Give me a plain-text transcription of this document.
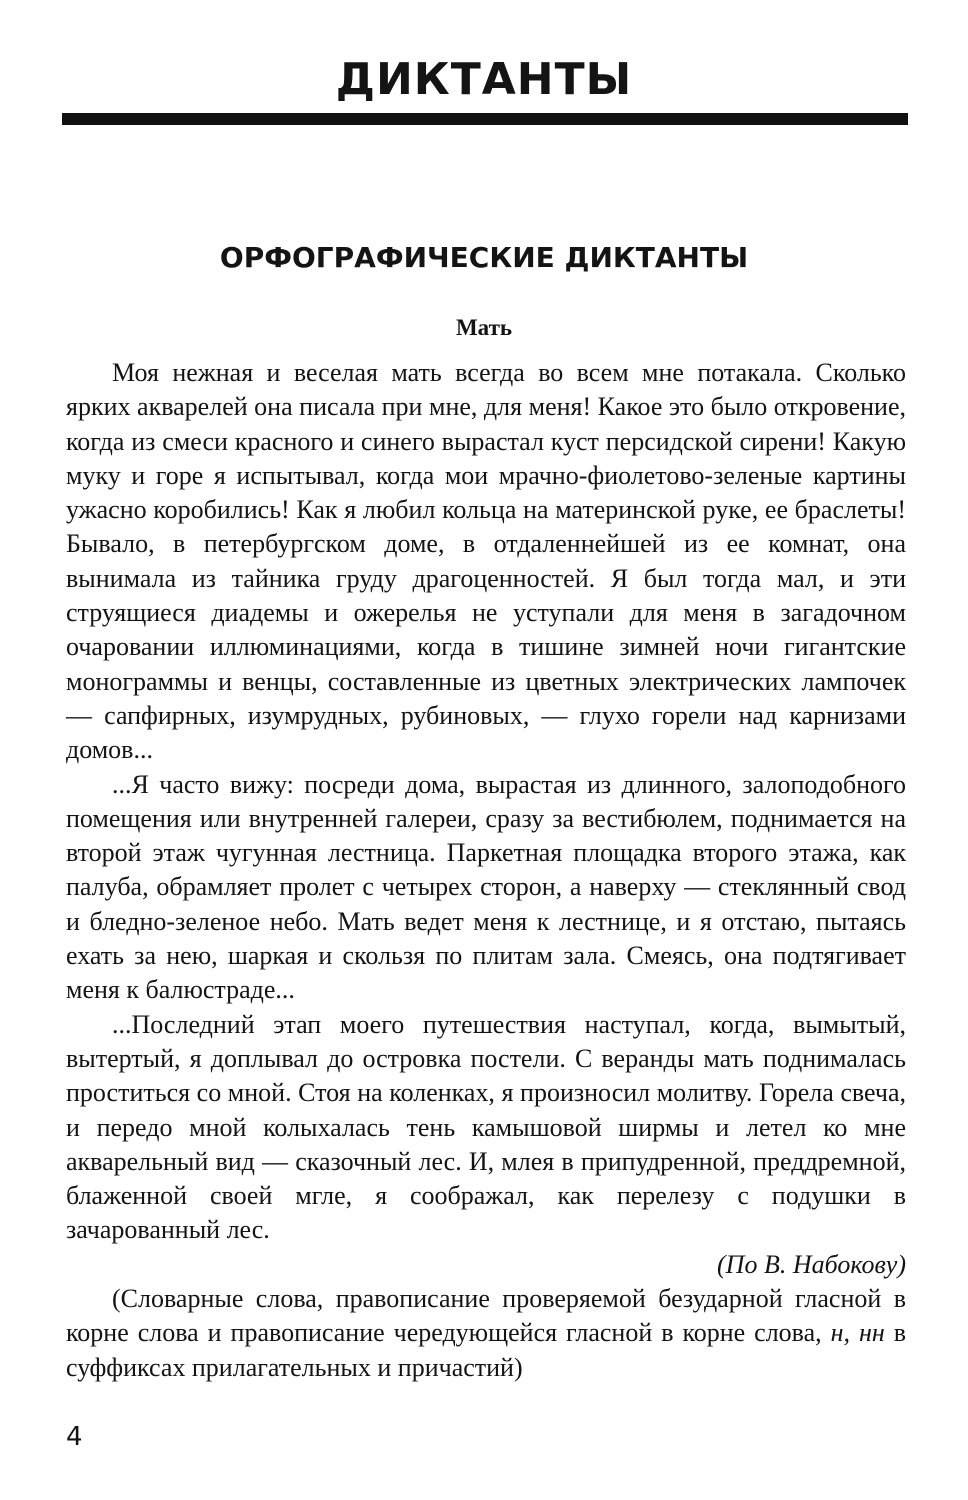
ДИКТАНТЫ
ОРФОГРАФИЧЕСКИЕ ДИКТАНТЫ
Мать

Моя нежная и веселая мать всегда во всем мне потакала. Сколько ярких акварелей она писала при мне, для меня! Какое это было откровение, когда из смеси красного и синего вырастал куст персидской сирени! Какую муку и горе я испытывал, когда мои мрачно-фиолетово-зеленые картины ужасно коробились! Как я любил кольца на материнской руке, ее браслеты! Бывало, в петербургском доме, в отдаленнейшей из ее комнат, она вынимала из тайника груду драгоценностей. Я был тогда мал, и эти струящиеся диадемы и ожерелья не уступали для меня в загадочном очаровании иллюминациями, когда в тишине зимней ночи гигантские монограммы и венцы, составленные из цветных электрических лампочек — сапфирных, изумрудных, рубиновых, — глухо горели над карнизами домов...

...Я часто вижу: посреди дома, вырастая из длинного, залоподобного помещения или внутренней галереи, сразу за вестибюлем, поднимается на второй этаж чугунная лестница. Паркетная площадка второго этажа, как палуба, обрамляет пролет с четырех сторон, а наверху — стеклянный свод и бледно-зеленое небо. Мать ведет меня к лестнице, и я отстаю, пытаясь ехать за нею, шаркая и скользя по плитам зала. Смеясь, она подтягивает меня к балюстраде...

...Последний этап моего путешествия наступал, когда, вымытый, вытертый, я доплывал до островка постели. С веранды мать поднималась проститься со мной. Стоя на коленках, я произносил молитву. Горела свеча, и передо мной колыхалась тень камышовой ширмы и летел ко мне акварельный вид — сказочный лес. И, млея в припудренной, преддремной, блаженной своей мгле, я соображал, как перелезу с подушки в зачарованный лес.

(По В. Набокову)

(Словарные слова, правописание проверяемой безударной гласной в корне слова и правописание чередующейся гласной в корне слова, н, нн в суффиксах прилагательных и причастий)

4
